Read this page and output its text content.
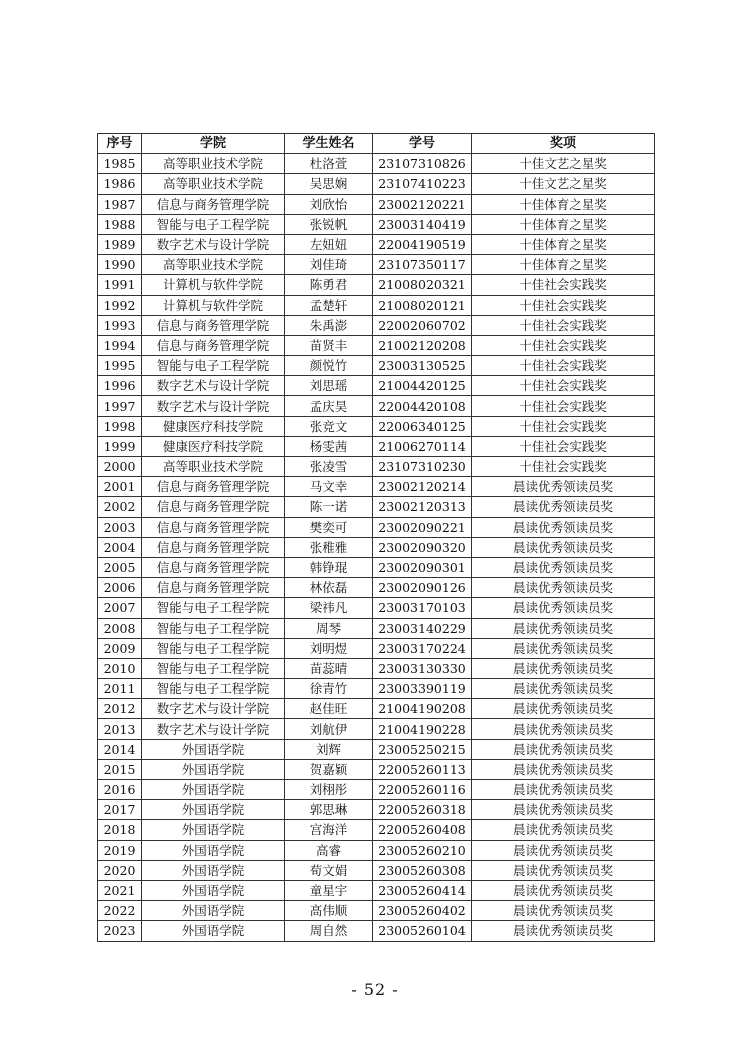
序号	学院	学生姓名	学号	奖项
1985	高等职业技术学院	杜洛萱	23107310826	十佳文艺之星奖
1986	高等职业技术学院	吴思娴	23107410223	十佳文艺之星奖
1987	信息与商务管理学院	刘欣怡	23002120221	十佳体育之星奖
1988	智能与电子工程学院	张锐帆	23003140419	十佳体育之星奖
1989	数字艺术与设计学院	左妞妞	22004190519	十佳体育之星奖
1990	高等职业技术学院	刘佳琦	23107350117	十佳体育之星奖
1991	计算机与软件学院	陈勇君	21008020321	十佳社会实践奖
1992	计算机与软件学院	孟楚轩	21008020121	十佳社会实践奖
1993	信息与商务管理学院	朱禹澎	22002060702	十佳社会实践奖
1994	信息与商务管理学院	苗贤丰	21002120208	十佳社会实践奖
1995	智能与电子工程学院	颜悦竹	23003130525	十佳社会实践奖
1996	数字艺术与设计学院	刘思瑶	21004420125	十佳社会实践奖
1997	数字艺术与设计学院	孟庆昊	22004420108	十佳社会实践奖
1998	健康医疗科技学院	张竞文	22006340125	十佳社会实践奖
1999	健康医疗科技学院	杨雯茜	21006270114	十佳社会实践奖
2000	高等职业技术学院	张凌雪	23107310230	十佳社会实践奖
2001	信息与商务管理学院	马文幸	23002120214	晨读优秀领读员奖
2002	信息与商务管理学院	陈一诺	23002120313	晨读优秀领读员奖
2003	信息与商务管理学院	樊奕可	23002090221	晨读优秀领读员奖
2004	信息与商务管理学院	张稚雅	23002090320	晨读优秀领读员奖
2005	信息与商务管理学院	韩铮琨	23002090301	晨读优秀领读员奖
2006	信息与商务管理学院	林依磊	23002090126	晨读优秀领读员奖
2007	智能与电子工程学院	梁祎凡	23003170103	晨读优秀领读员奖
2008	智能与电子工程学院	周琴	23003140229	晨读优秀领读员奖
2009	智能与电子工程学院	刘明煜	23003170224	晨读优秀领读员奖
2010	智能与电子工程学院	苗蕊晴	23003130330	晨读优秀领读员奖
2011	智能与电子工程学院	徐青竹	23003390119	晨读优秀领读员奖
2012	数字艺术与设计学院	赵佳旺	21004190208	晨读优秀领读员奖
2013	数字艺术与设计学院	刘航伊	21004190228	晨读优秀领读员奖
2014	外国语学院	刘辉	23005250215	晨读优秀领读员奖
2015	外国语学院	贺嘉颖	22005260113	晨读优秀领读员奖
2016	外国语学院	刘栩彤	22005260116	晨读优秀领读员奖
2017	外国语学院	郭思琳	22005260318	晨读优秀领读员奖
2018	外国语学院	宫海洋	22005260408	晨读优秀领读员奖
2019	外国语学院	高睿	23005260210	晨读优秀领读员奖
2020	外国语学院	荀文娟	23005260308	晨读优秀领读员奖
2021	外国语学院	童星宇	23005260414	晨读优秀领读员奖
2022	外国语学院	高伟顺	23005260402	晨读优秀领读员奖
2023	外国语学院	周自然	23005260104	晨读优秀领读员奖
- 52 -
